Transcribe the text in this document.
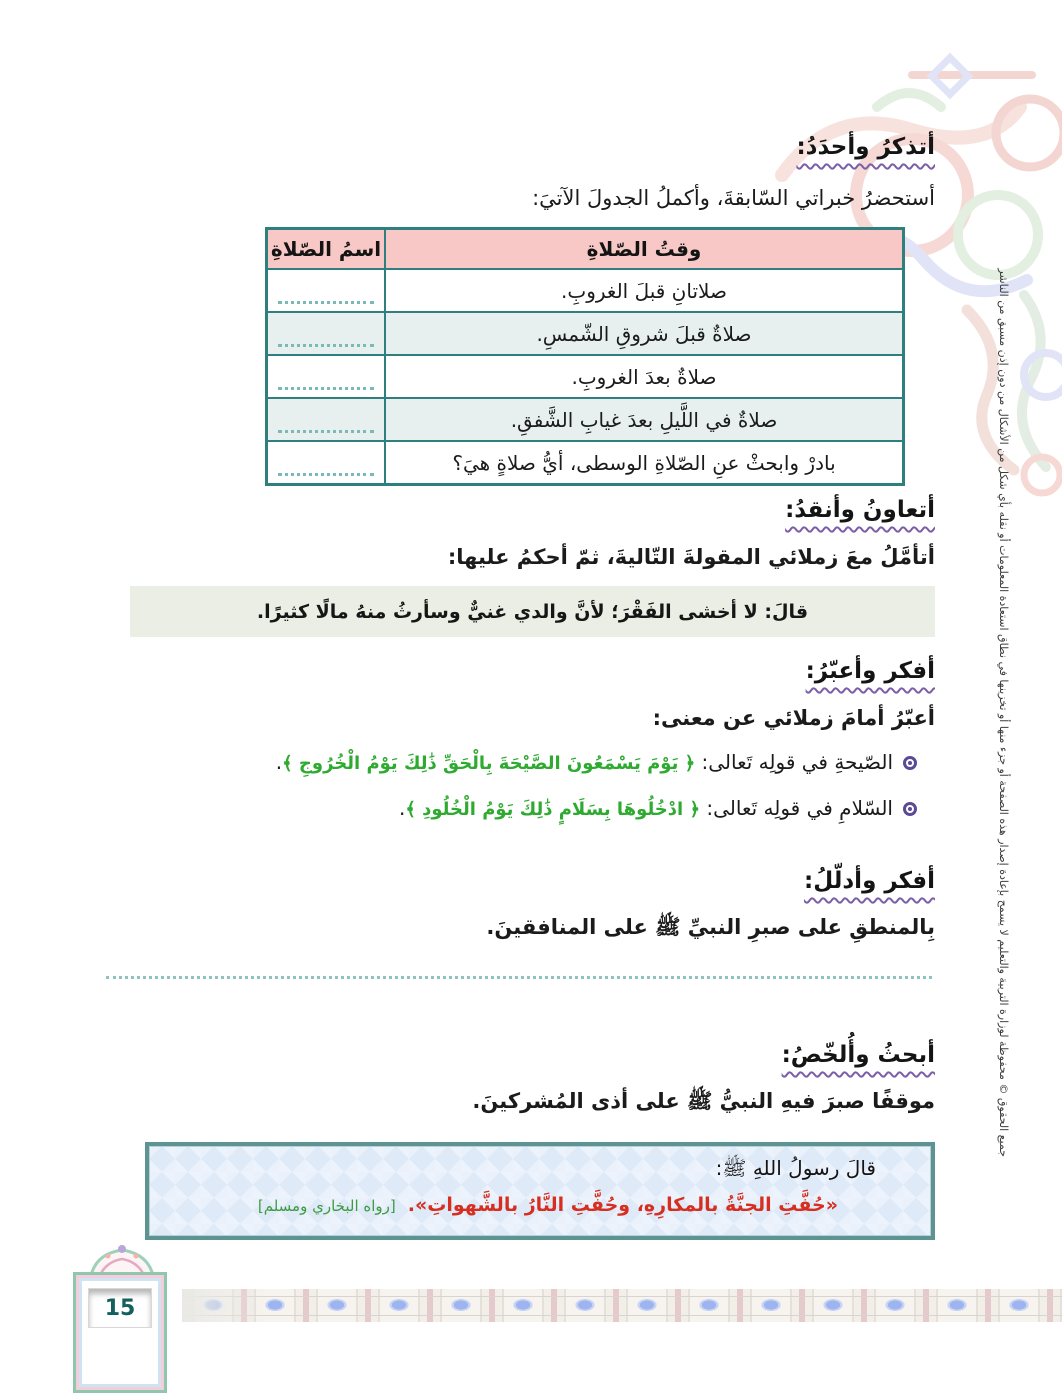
أتذكرُ وأحدَدُ:
أستحضرُ خبراتي السّابقةَ، وأكملُ الجدولَ الآتيَ:
وقتُ الصّلاةِ
اسمُ الصّلاةِ
صلاتانِ قبلَ الغروبِ.
صلاةٌ قبلَ شروقِ الشّمسِ.
صلاةٌ بعدَ الغروبِ.
صلاةٌ في اللَّيلِ بعدَ غيابِ الشَّفقِ.
بادرْ وابحثْ عنِ الصّلاةِ الوسطى، أيُّ صلاةٍ هيَ؟
أتعاونُ وأنقدُ:
أتأمَّلُ معَ زملائي المقولةَ التّاليةَ، ثمّ أحكمُ عليها:
قالَ: لا أخشى الفَقْرَ؛ لأنَّ والدي غنيٌّ وسأرثُ منهُ مالًا كثيرًا.
أفكر وأعبّرُ:
أعبّرُ أمامَ زملائي عن معنى:
الصّيحةِ في قولِه تَعالى: ﴿ يَوْمَ يَسْمَعُونَ الصَّيْحَةَ بِالْحَقِّ ذَٰلِكَ يَوْمُ الْخُرُوجِ ﴾.
السّلامِ في قولِه تَعالى: ﴿ ادْخُلُوهَا بِسَلَامٍ ذَٰلِكَ يَوْمُ الْخُلُودِ ﴾.
أفكر وأدلّلُ:
بِالمنطقِ على صبرِ النبيِّ ﷺ على المنافقينَ.
أبحثُ وأُلخّصُ:
موقفًا صبرَ فيهِ النبيُّ ﷺ على أذى المُشركينَ.
قالَ رسولُ اللهِ ﷺ:
«حُفَّتِ الجنَّةُ بالمكارِهِ، وحُفَّتِ النَّارُ بالشَّهواتِ». [رواه البخاري ومسلم]
15
جميع الحقوق © محفوظة لوزارة التربية والتعليم لا يسمح بإعادة إصدار هذه الصفحة أو جزء منها أو تخزينها في نطاق استعادة المعلومات أو نقله بأي شكل من الأشكال من دون إذن مسبق من الناشر
